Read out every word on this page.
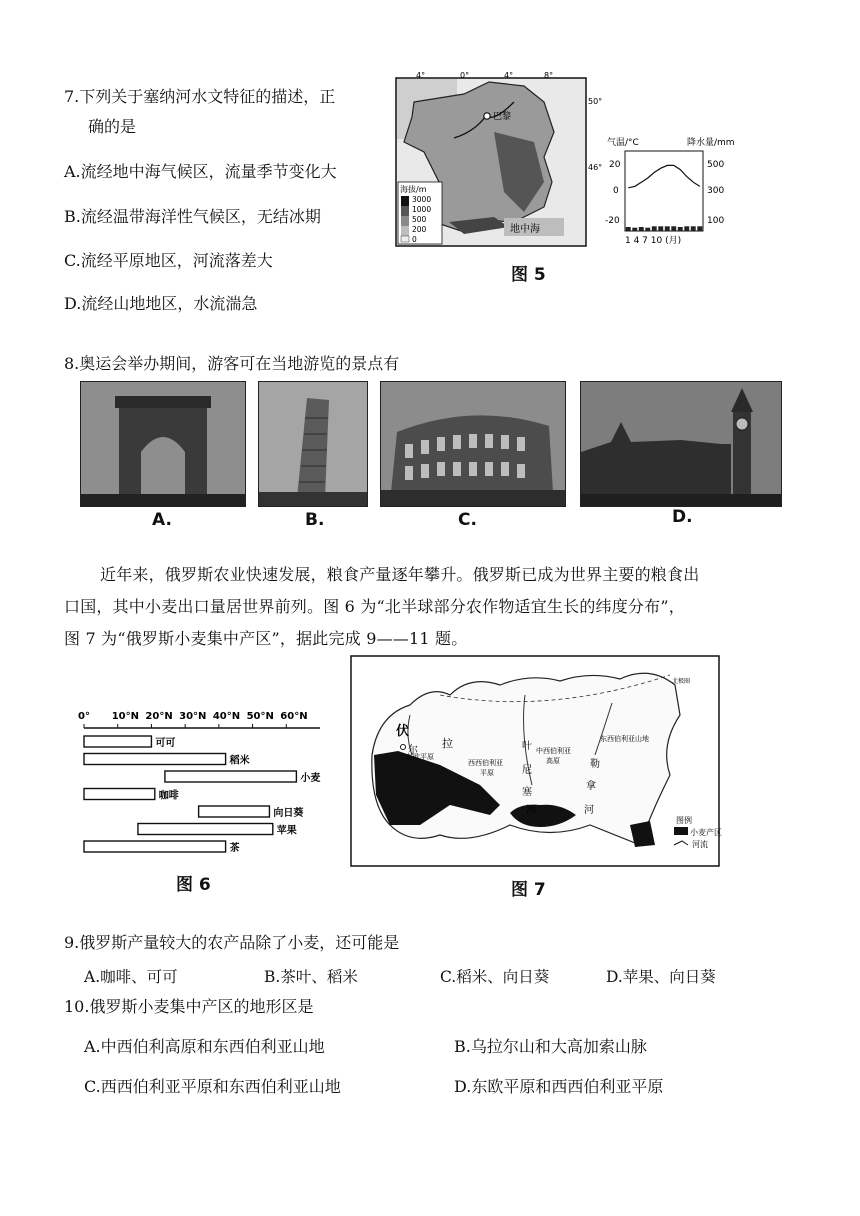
7.下列关于塞纳河水文特征的描述，正
确的是
A.流经地中海气候区，流量季节变化大
B.流经温带海洋性气候区，无结冰期
C.流经平原地区，河流落差大
D.流经山地地区，水流湍急
巴黎
地中海
4°	0°	4°	8°
50°
46°
海拔/m
3000
1000
500
200
0
气温/°C	降水量/mm
20
0
-20
500
300
100
1 4 7 10 (月)
图 5
8.奥运会举办期间，游客可在当地游览的景点有
A.	B.	C.	D.
近年来，俄罗斯农业快速发展，粮食产量逐年攀升。俄罗斯已成为世界主要的粮食出
口国，其中小麦出口量居世界前列。图 6 为“北半球部分农作物适宜生长的纬度分布”，
图 7 为“俄罗斯小麦集中产区”，据此完成 9——11 题。
0° 10°N 20°N 30°N 40°N 50°N 60°N
可可
稻米
小麦
咖啡
向日葵
苹果
茶
图 6
伏
尔
拉	叶
尼
塞
河
勒
拿
河
东欧平原
西西伯利亚
平原
中西伯利亚
高原
东西伯利亚山地
北极圈
图例
小麦产区
河流
图 7
9.俄罗斯产量较大的农产品除了小麦，还可能是
A.咖啡、可可	B.茶叶、稻米	C.稻米、向日葵	D.苹果、向日葵
10.俄罗斯小麦集中产区的地形区是
A.中西伯利高原和东西伯利亚山地	B.乌拉尔山和大高加索山脉
C.西西伯利亚平原和东西伯利亚山地	D.东欧平原和西西伯利亚平原
